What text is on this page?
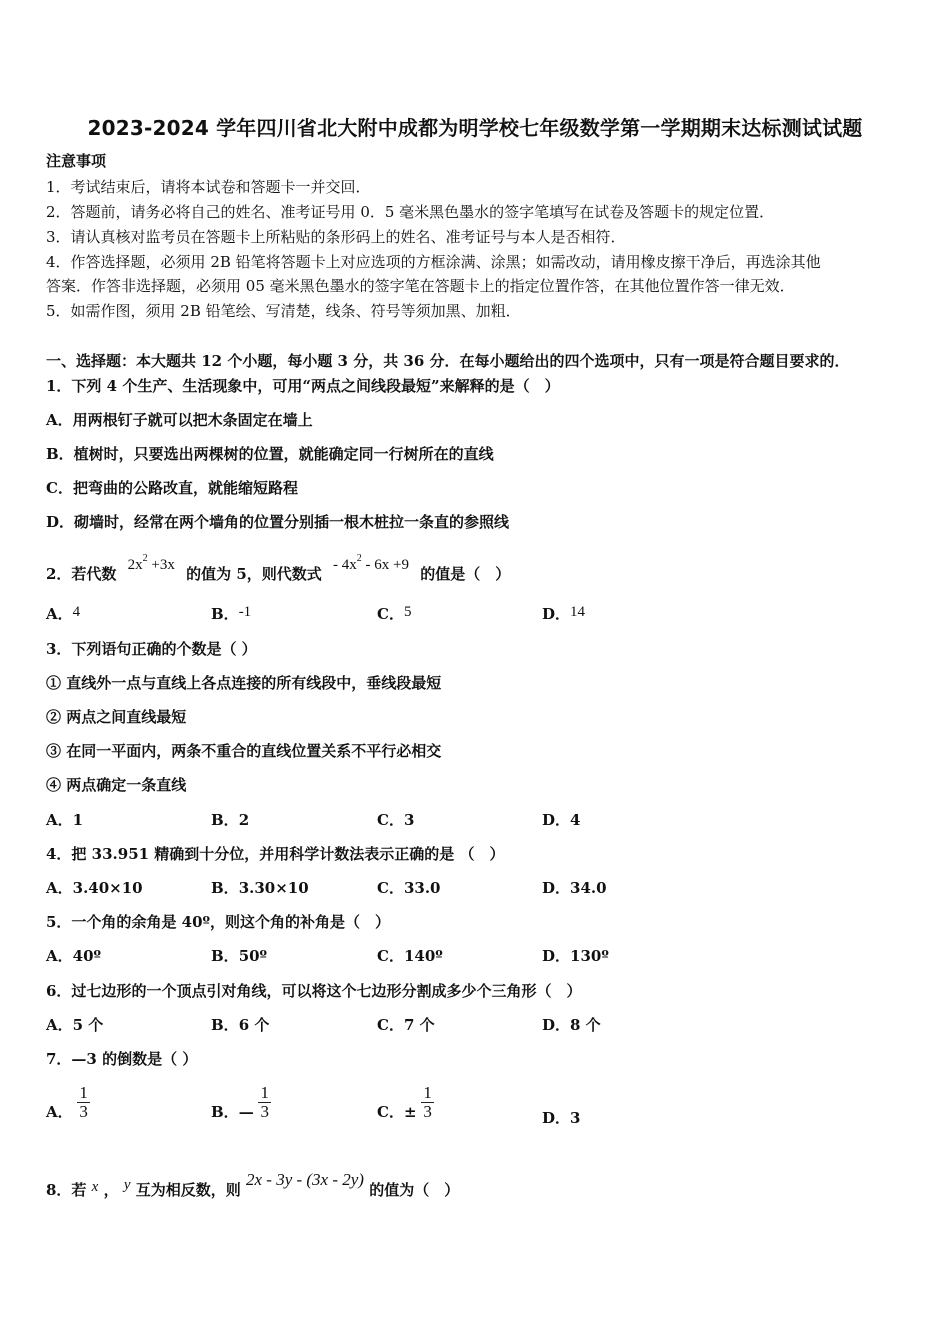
2023-2024 学年四川省北大附中成都为明学校七年级数学第一学期期末达标测试试题
注意事项
1．考试结束后，请将本试卷和答题卡一并交回．
2．答题前，请务必将自己的姓名、准考证号用 0．5 毫米黑色墨水的签字笔填写在试卷及答题卡的规定位置．
3．请认真核对监考员在答题卡上所粘贴的条形码上的姓名、准考证号与本人是否相符．
4．作答选择题，必须用 2B 铅笔将答题卡上对应选项的方框涂满、涂黑；如需改动，请用橡皮擦干净后，再选涂其他
答案．作答非选择题，必须用 05 毫米黑色墨水的签字笔在答题卡上的指定位置作答，在其他位置作答一律无效．
5．如需作图，须用 2B 铅笔绘、写清楚，线条、符号等须加黑、加粗．
一、选择题：本大题共 12 个小题，每小题 3 分，共 36 分．在每小题给出的四个选项中，只有一项是符合题目要求的．
1．下列 4 个生产、生活现象中，可用“两点之间线段最短”来解释的是（　）
A．用两根钉子就可以把木条固定在墙上
B．植树时，只要选出两棵树的位置，就能确定同一行树所在的直线
C．把弯曲的公路改直，就能缩短路程
D．砌墙时，经常在两个墙角的位置分别插一根木桩拉一条直的参照线
2．若代数 $2x^2 +3x$ 的值为 5，则代数式 - $4x^2 - 6x +9$ 的值是（　）
A．4	B．-1	C．5	D．14
3．下列语句正确的个数是（ ）
① 直线外一点与直线上各点连接的所有线段中，垂线段最短
② 两点之间直线最短
③ 在同一平面内，两条不重合的直线位置关系不平行必相交
④ 两点确定一条直线
A．1	B．2	C．3	D．4
4．把 33.951 精确到十分位，并用科学计数法表示正确的是 （　）
A．3.40×10	B．3.30×10	C．33.0	D．34.0
5．一个角的余角是 40º，则这个角的补角是（　）
A．40º	B．50º	C．140º	D．130º
6．过七边形的一个顶点引对角线，可以将这个七边形分割成多少个三角形（　）
A．5 个	B．6 个	C．7 个	D．8 个
7．—3 的倒数是（ ）
A． $\frac{1}{3}$	B．— $\frac{1}{3}$	C．± $\frac{1}{3}$	D．3
8．若 x ， y 互为相反数，则 2x - 3y - (3x - 2y) 的值为（　）
